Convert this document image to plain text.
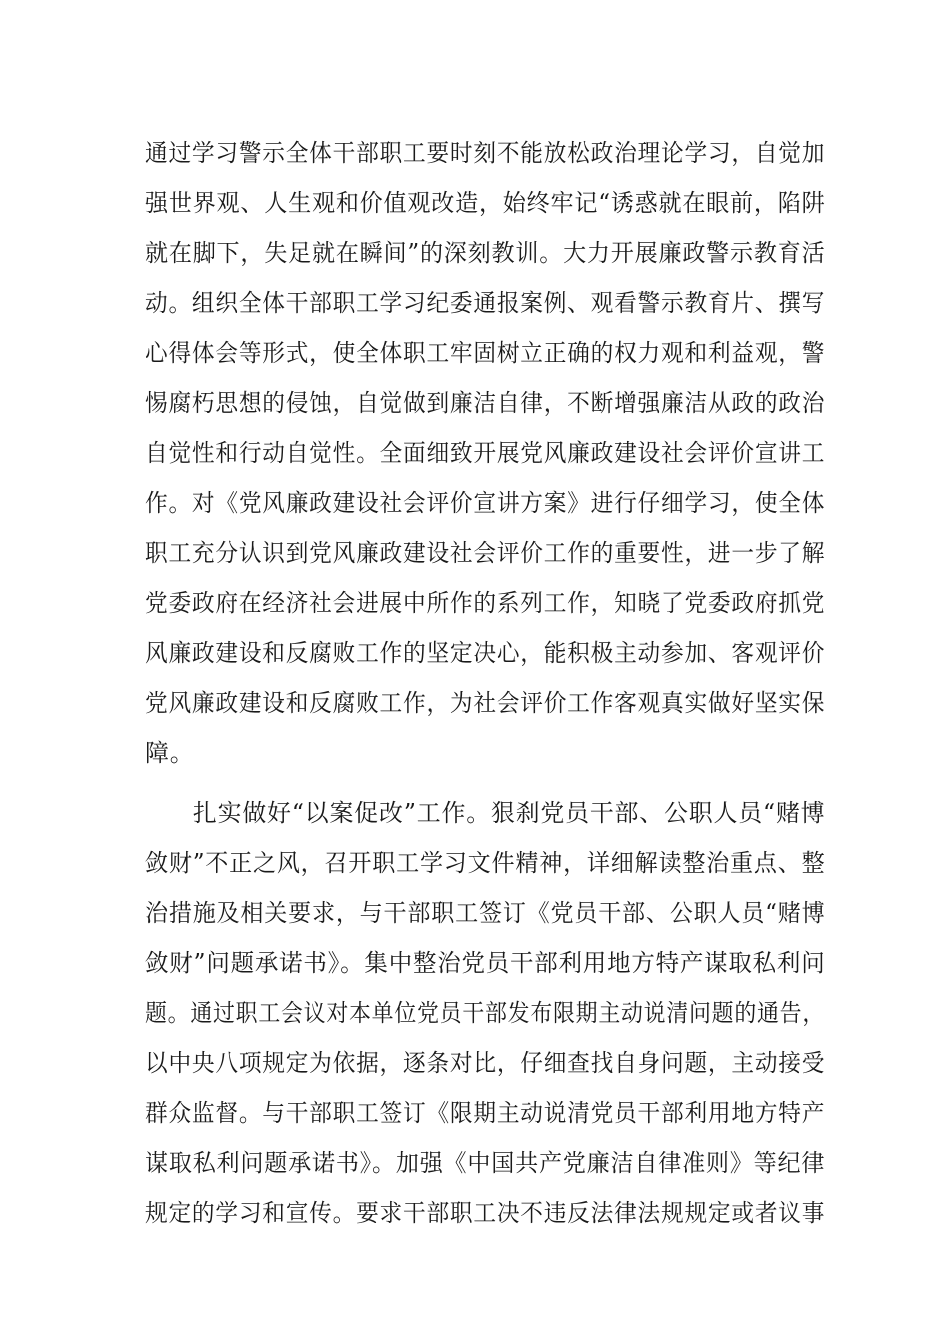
通过学习警示全体干部职工要时刻不能放松政治理论学习，自觉加
强世界观、人生观和价值观改造，始终牢记“诱惑就在眼前，陷阱
就在脚下，失足就在瞬间”的深刻教训。大力开展廉政警示教育活
动。组织全体干部职工学习纪委通报案例、观看警示教育片、撰写
心得体会等形式，使全体职工牢固树立正确的权力观和利益观，警
惕腐朽思想的侵蚀，自觉做到廉洁自律，不断增强廉洁从政的政治
自觉性和行动自觉性。全面细致开展党风廉政建设社会评价宣讲工
作。对《党风廉政建设社会评价宣讲方案》进行仔细学习，使全体
职工充分认识到党风廉政建设社会评价工作的重要性，进一步了解
党委政府在经济社会进展中所作的系列工作，知晓了党委政府抓党
风廉政建设和反腐败工作的坚定决心，能积极主动参加、客观评价
党风廉政建设和反腐败工作，为社会评价工作客观真实做好坚实保
障。
扎实做好“以案促改”工作。狠刹党员干部、公职人员“赌博
敛财”不正之风，召开职工学习文件精神，详细解读整治重点、整
治措施及相关要求，与干部职工签订《党员干部、公职人员“赌博
敛财”问题承诺书》。集中整治党员干部利用地方特产谋取私利问
题。通过职工会议对本单位党员干部发布限期主动说清问题的通告，
以中央八项规定为依据，逐条对比，仔细查找自身问题，主动接受
群众监督。与干部职工签订《限期主动说清党员干部利用地方特产
谋取私利问题承诺书》。加强《中国共产党廉洁自律准则》等纪律
规定的学习和宣传。要求干部职工决不违反法律法规规定或者议事
